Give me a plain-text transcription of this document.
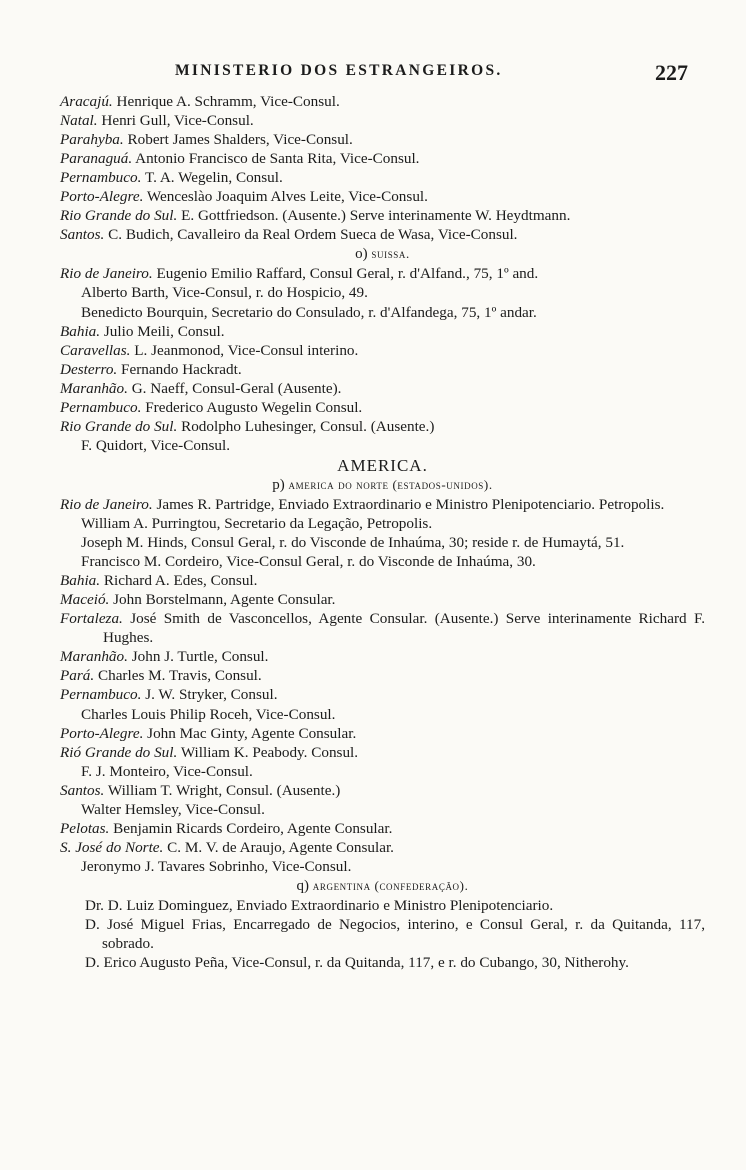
MINISTERIO DOS ESTRANGEIROS.	227
Aracajú. Henrique A. Schramm, Vice-Consul.
Natal. Henri Gull, Vice-Consul.
Parahyba. Robert James Shalders, Vice-Consul.
Paranaguá. Antonio Francisco de Santa Rita, Vice-Consul.
Pernambuco. T. A. Wegelin, Consul.
Porto-Alegre. Wenceslào Joaquim Alves Leite, Vice-Consul.
Rio Grande do Sul. E. Gottfriedson. (Ausente.) Serve interinamente W. Heydtmann.
Santos. C. Budich, Cavalleiro da Real Ordem Sueca de Wasa, Vice-Consul.
o) suissa.
Rio de Janeiro. Eugenio Emilio Raffard, Consul Geral, r. d'Alfand., 75, 1º and.
Alberto Barth, Vice-Consul, r. do Hospicio, 49.
Benedicto Bourquin, Secretario do Consulado, r. d'Alfandega, 75, 1º andar.
Bahia. Julio Meili, Consul.
Caravellas. L. Jeanmonod, Vice-Consul interino.
Desterro. Fernando Hackradt.
Maranhão. G. Naeff, Consul-Geral (Ausente).
Pernambuco. Frederico Augusto Wegelin Consul.
Rio Grande do Sul. Rodolpho Luhesinger, Consul. (Ausente.)
F. Quidort, Vice-Consul.
AMERICA.
p) america do norte (estados-unidos).
Rio de Janeiro. James R. Partridge, Enviado Extraordinario e Ministro Plenipotenciario. Petropolis.
William A. Purringtou, Secretario da Legação, Petropolis.
Joseph M. Hinds, Consul Geral, r. do Visconde de Inhaúma, 30; reside r. de Humaytá, 51.
Francisco M. Cordeiro, Vice-Consul Geral, r. do Visconde de Inhaúma, 30.
Bahia. Richard A. Edes, Consul.
Maceió. John Borstelmann, Agente Consular.
Fortaleza. José Smith de Vasconcellos, Agente Consular. (Ausente.) Serve interinamente Richard F. Hughes.
Maranhão. John J. Turtle, Consul.
Pará. Charles M. Travis, Consul.
Pernambuco. J. W. Stryker, Consul.
Charles Louis Philip Roceh, Vice-Consul.
Porto-Alegre. John Mac Ginty, Agente Consular.
Rió Grande do Sul. William K. Peabody. Consul.
F. J. Monteiro, Vice-Consul.
Santos. William T. Wright, Consul. (Ausente.)
Walter Hemsley, Vice-Consul.
Pelotas. Benjamin Ricards Cordeiro, Agente Consular.
S. José do Norte. C. M. V. de Araujo, Agente Consular.
Jeronymo J. Tavares Sobrinho, Vice-Consul.
q) argentina (confederação).
Dr. D. Luiz Dominguez, Enviado Extraordinario e Ministro Plenipotenciario.
D. José Miguel Frias, Encarregado de Negocios, interino, e Consul Geral, r. da Quitanda, 117, sobrado.
D. Erico Augusto Peña, Vice-Consul, r. da Quitanda, 117, e r. do Cubango, 30, Nitherohy.
